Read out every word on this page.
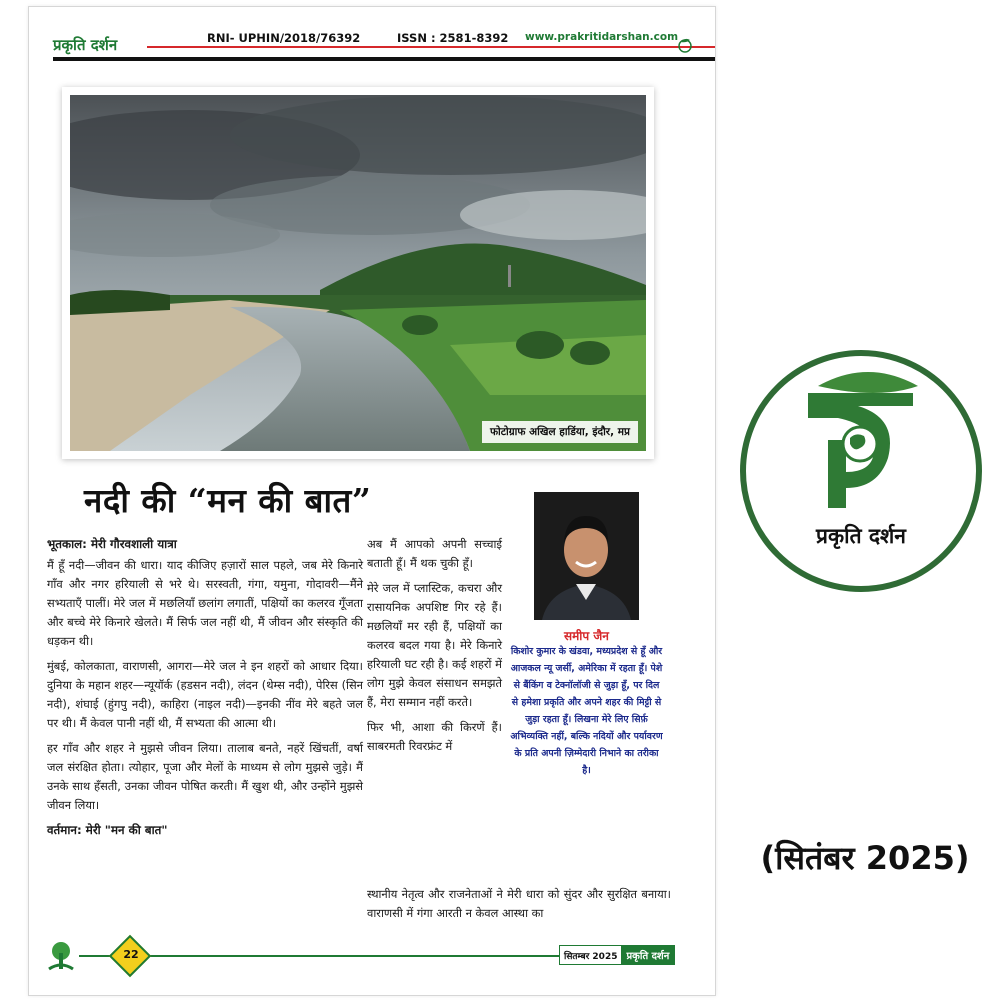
प्रकृति दर्शन	RNI- UPHIN/2018/76392	ISSN : 2581-8392 www.prakritidarshan.com
फोटोग्राफ अखिल हाडिंया, इंदौर, मप्र
नदी की “मन की बात”
भूतकाल: मेरी गौरवशाली यात्रा

मैं हूँ नदी—जीवन की धारा। याद कीजिए हज़ारों साल पहले, जब मेरे किनारे गाँव और नगर हरियाली से भरे थे। सरस्वती, गंगा, यमुना, गोदावरी—मैंने सभ्यताएँ पालीं। मेरे जल में मछलियाँ छलांग लगातीं, पक्षियों का कलरव गूँजता और बच्चे मेरे किनारे खेलते। मैं सिर्फ जल नहीं थी, मैं जीवन और संस्कृति की धड़कन थी।

मुंबई, कोलकाता, वाराणसी, आगरा—मेरे जल ने इन शहरों को आधार दिया। दुनिया के महान शहर—न्यूयॉर्क (हडसन नदी), लंदन (थेम्स नदी), पेरिस (सिन नदी), शंघाई (हुंगपु नदी), काहिरा (नाइल नदी)—इनकी नींव मेरे बहते जल पर थी। मैं केवल पानी नहीं थी, मैं सभ्यता की आत्मा थी।

हर गाँव और शहर ने मुझसे जीवन लिया। तालाब बनते, नहरें खिंचतीं, वर्षा जल संरक्षित होता। त्योहार, पूजा और मेलों के माध्यम से लोग मुझसे जुड़े। मैं उनके साथ हँसती, उनका जीवन पोषित करती। मैं खुश थी, और उन्होंने मुझसे जीवन लिया।

वर्तमान: मेरी "मन की बात"

अब मैं आपको अपनी सच्चाई बताती हूँ। मैं थक चुकी हूँ।

मेरे जल में प्लास्टिक, कचरा और रासायनिक अपशिष्ट गिर रहे हैं। मछलियाँ मर रही हैं, पक्षियों का कलरव बदल गया है। मेरे किनारे हरियाली घट रही है। कई शहरों में लोग मुझे केवल संसाधन समझते हैं, मेरा सम्मान नहीं करते।

फिर भी, आशा की किरणें हैं। साबरमती रिवरफ्रंट में

स्थानीय नेतृत्व और राजनेताओं ने मेरी धारा को सुंदर और सुरक्षित बनाया। वाराणसी में गंगा आरती न केवल आस्था का
समीप जैन
किशोर कुमार के खंडवा, मध्यप्रदेश से हूँ और आजकल न्यू जर्सी, अमेरिका में रहता हूँ। पेशे से बैंकिंग व टेक्नॉलॉजी से जुड़ा हूँ, पर दिल से हमेशा प्रकृति और अपने शहर की मिट्टी से जुड़ा रहता हूँ। लिखना मेरे लिए सिर्फ़ अभिव्यक्ति नहीं, बल्कि नदियों और पर्यावरण के प्रति अपनी ज़िम्मेदारी निभाने का तरीका है।
22	सितम्बर 2025 प्रकृति दर्शन
प्रकृति दर्शन
(सितंबर 2025)
